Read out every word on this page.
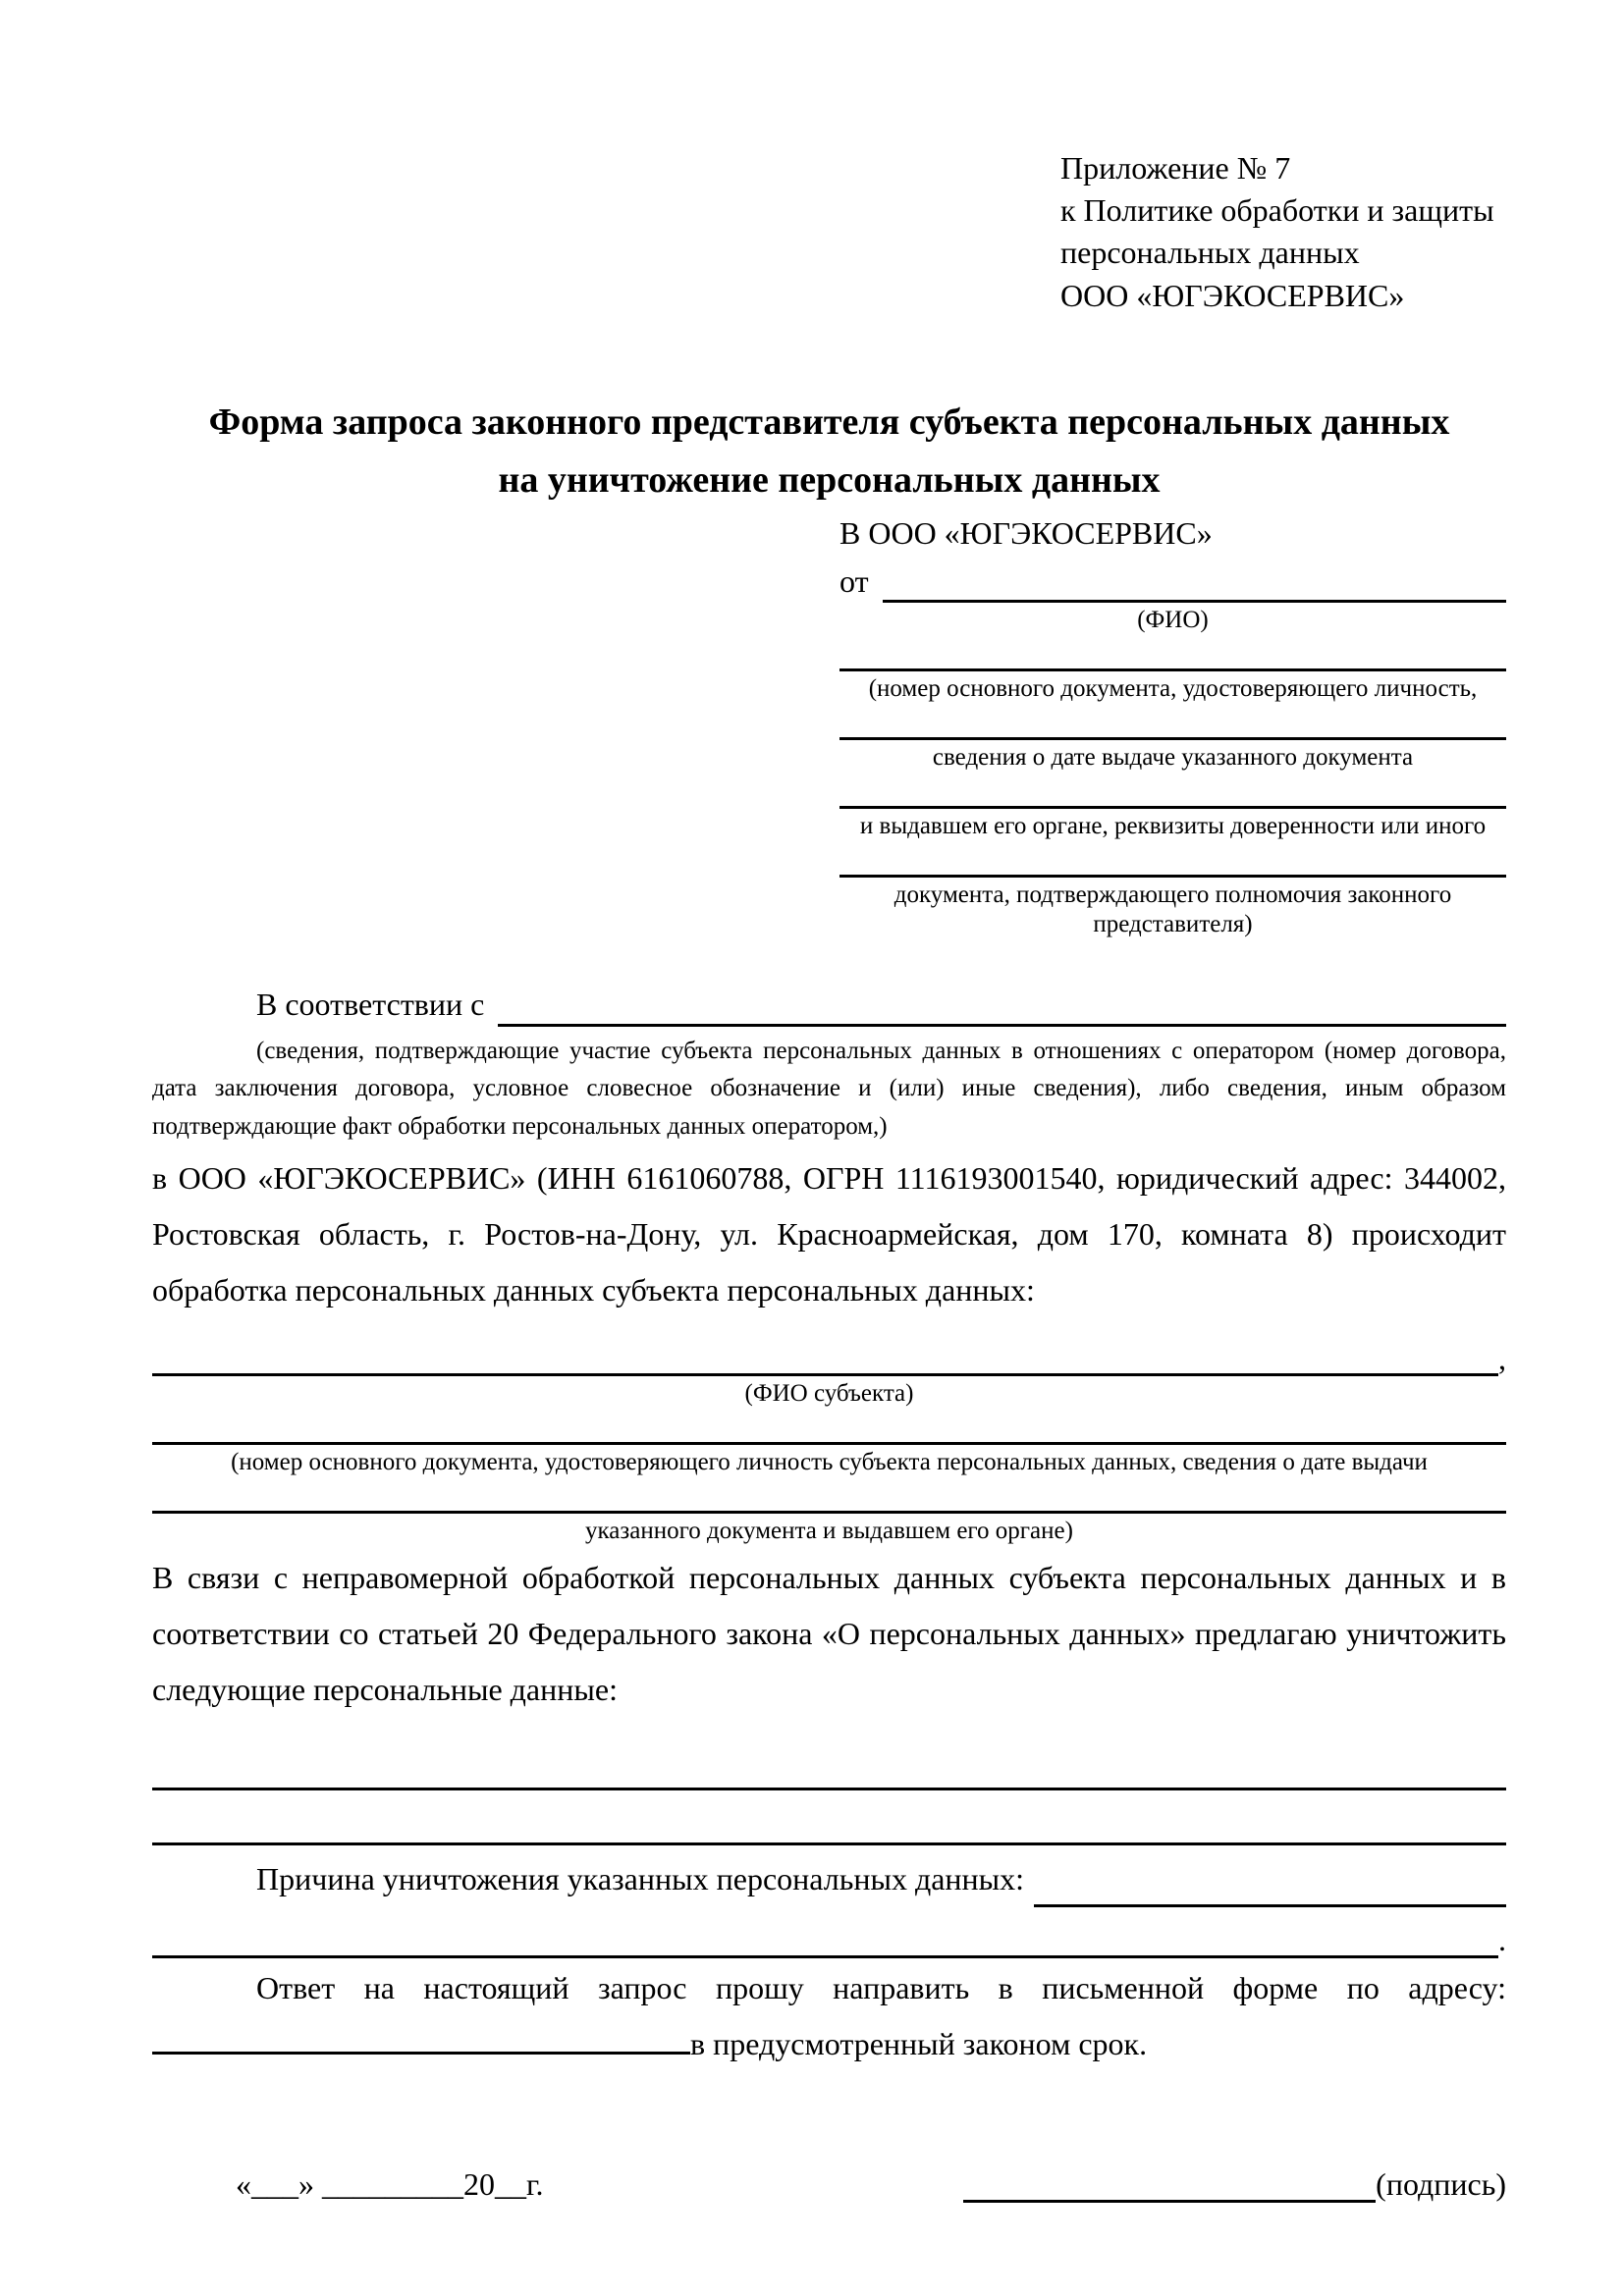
Приложение № 7
к Политике обработки и защиты
персональных данных
ООО «ЮГЭКОСЕРВИС»
Форма запроса законного представителя субъекта персональных данных
на уничтожение персональных данных
В ООО «ЮГЭКОСЕРВИС»
от
(ФИО)
(номер основного документа, удостоверяющего личность,
сведения о дате выдаче указанного документа
и выдавшем его органе, реквизиты доверенности или иного
документа, подтверждающего полномочия законного представителя)
В соответствии с

(сведения, подтверждающие участие субъекта персональных данных в отношениях с оператором (номер договора, дата заключения договора, условное словесное обозначение и (или) иные сведения), либо сведения, иным образом подтверждающие факт обработки персональных данных оператором,)

в ООО «ЮГЭКОСЕРВИС» (ИНН 6161060788, ОГРН 1116193001540, юридический адрес: 344002, Ростовская область, г. Ростов-на-Дону, ул. Красноармейская, дом 170, комната 8) происходит обработка персональных данных субъекта персональных данных:

,
(ФИО субъекта)
(номер основного документа, удостоверяющего личность субъекта персональных данных, сведения о дате выдачи
указанного документа и выдавшем его органе)

В связи с неправомерной обработкой персональных данных субъекта персональных данных и в соответствии со статьей 20 Федерального закона «О персональных данных» предлагаю уничтожить следующие персональные данные:

Причина уничтожения указанных персональных данных:
.

Ответ на настоящий запрос прошу направить в письменной форме по адресу:

в предусмотренный законом срок.

«___» _________20__г.	(подпись)
